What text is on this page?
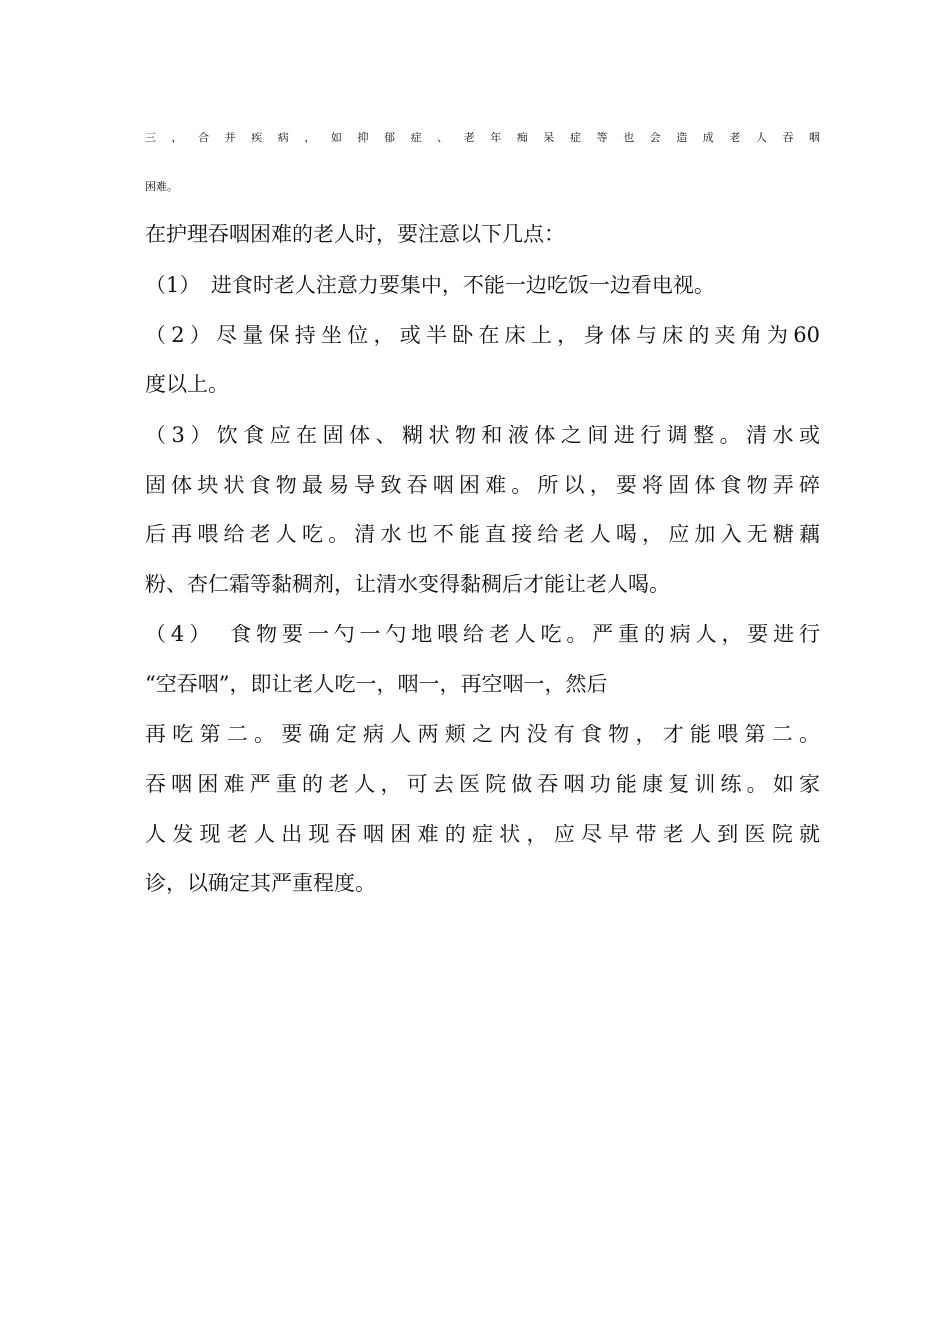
三，合并疾病，如抑郁症、老年痴呆症等也会造成老人吞咽
困难。
在护理吞咽困难的老人时，要注意以下几点：
（1）　进食时老人注意力要集中，不能一边吃饭一边看电视。
（2）尽量保持坐位，或半卧在床上，身体与床的夹角为60
度以上。
（3）饮食应在固体、糊状物和液体之间进行调整。清水或
固体块状食物最易导致吞咽困难。所以，要将固体食物弄碎
后再喂给老人吃。清水也不能直接给老人喝，应加入无糖藕
粉、杏仁霜等黏稠剂，让清水变得黏稠后才能让老人喝。
（4）　食物要一勺一勺地喂给老人吃。严重的病人，要进行
“空吞咽”，即让老人吃一，咽一，再空咽一，然后
再吃第二。要确定病人两颊之内没有食物，才能喂第二。
吞咽困难严重的老人，可去医院做吞咽功能康复训练。如家
人发现老人出现吞咽困难的症状，应尽早带老人到医院就
诊，以确定其严重程度。
